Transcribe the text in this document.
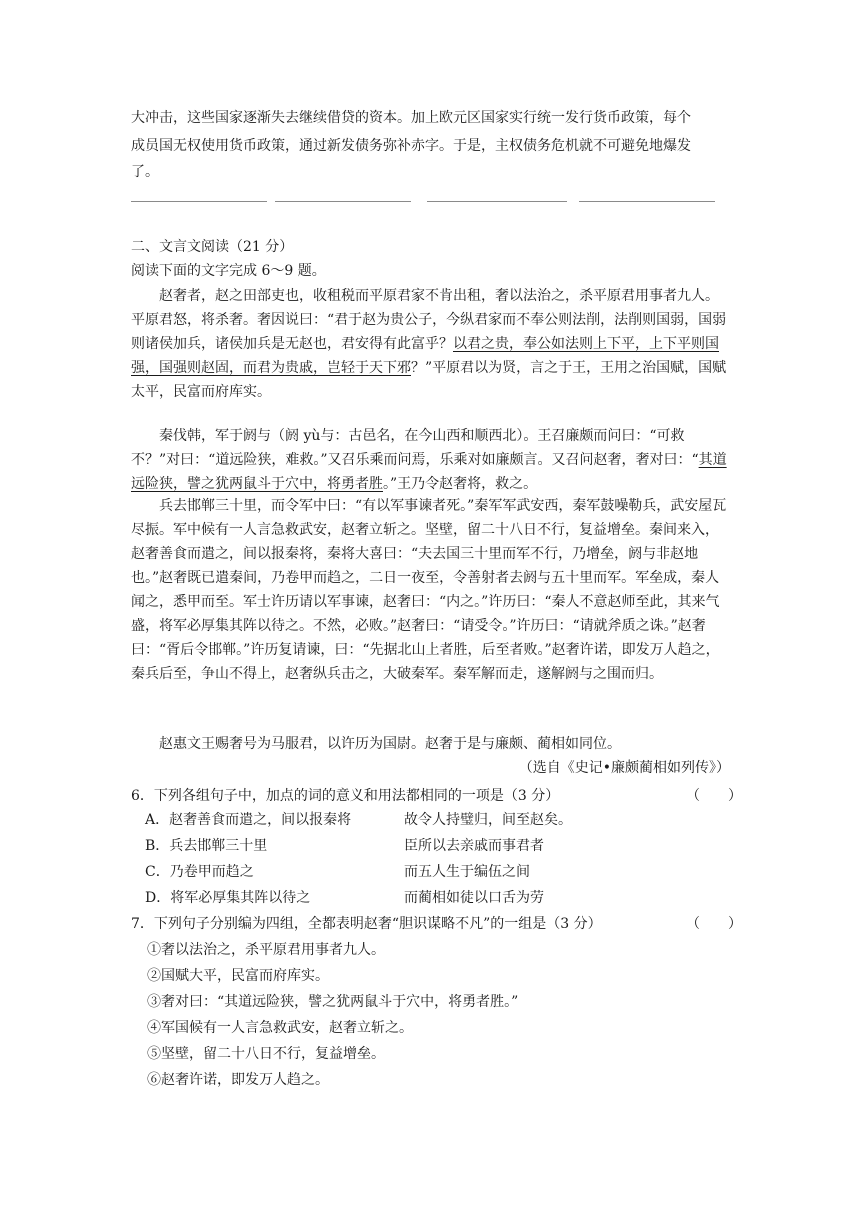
大冲击，这些国家逐渐失去继续借贷的资本。加上欧元区国家实行统一发行货币政策，每个
成员国无权使用货币政策，通过新发债务弥补赤字。于是，主权债务危机就不可避免地爆发
了。
二、文言文阅读（21 分）
阅读下面的文字完成 6～9 题。
赵奢者，赵之田部吏也，收租税而平原君家不肯出租，奢以法治之，杀平原君用事者九人。平原君怒，将杀奢。奢因说曰：“君于赵为贵公子，今纵君家而不奉公则法削，法削则国弱，国弱则诸侯加兵，诸侯加兵是无赵也，君安得有此富乎？以君之贵，奉公如法则上下平，上下平则国强，国强则赵固，而君为贵戚，岂轻于天下邪？”平原君以为贤，言之于王，王用之治国赋，国赋太平，民富而府库实。
秦伐韩，军于阏与（阏 yù与：古邑名，在今山西和顺西北）。王召廉颇而问曰：“可救不？”对曰：“道远险狭，难救。”又召乐乘而问焉，乐乘对如廉颇言。又召问赵奢，奢对曰：“其道远险狭，譬之犹两鼠斗于穴中，将勇者胜。”王乃令赵奢将，救之。
兵去邯郸三十里，而令军中曰：“有以军事谏者死。”秦军军武安西，秦军鼓噪勒兵，武安屋瓦尽振。军中候有一人言急救武安，赵奢立斩之。坚壁，留二十八日不行，复益增垒。秦间来入，赵奢善食而遣之，间以报秦将，秦将大喜曰：“夫去国三十里而军不行，乃增垒，阏与非赵地也。”赵奢既已遣秦间，乃卷甲而趋之，二日一夜至，令善射者去阏与五十里而军。军垒成，秦人闻之，悉甲而至。军士许历请以军事谏，赵奢曰：“内之。”许历曰：“秦人不意赵师至此，其来气盛，将军必厚集其阵以待之。不然，必败。”赵奢曰：“请受令。”许历曰：“请就斧质之诛。”赵奢曰：“胥后令邯郸。”许历复请谏，曰：“先据北山上者胜，后至者败。”赵奢许诺，即发万人趋之，秦兵后至，争山不得上，赵奢纵兵击之，大破秦军。秦军解而走，遂解阏与之围而归。
赵惠文王赐奢号为马服君，以许历为国尉。赵奢于是与廉颇、蔺相如同位。
（选自《史记•廉颇蔺相如列传》）
6．下列各组句子中，加点的词的意义和用法都相同的一项是（3 分）	（　　）
A．赵奢善食而遣之，间以报秦将	故令人持璧归，间至赵矣。
B．兵去邯郸三十里	臣所以去亲戚而事君者
C．乃卷甲而趋之	而五人生于编伍之间
D．将军必厚集其阵以待之	而蔺相如徒以口舌为劳
7．下列句子分别编为四组，全都表明赵奢“胆识谋略不凡”的一组是（3 分）	（　　）
①奢以法治之，杀平原君用事者九人。
②国赋大平，民富而府库实。
③奢对曰：“其道远险狭，譬之犹两鼠斗于穴中，将勇者胜。”
④军国候有一人言急救武安，赵奢立斩之。
⑤坚壁，留二十八日不行，复益增垒。
⑥赵奢许诺，即发万人趋之。
